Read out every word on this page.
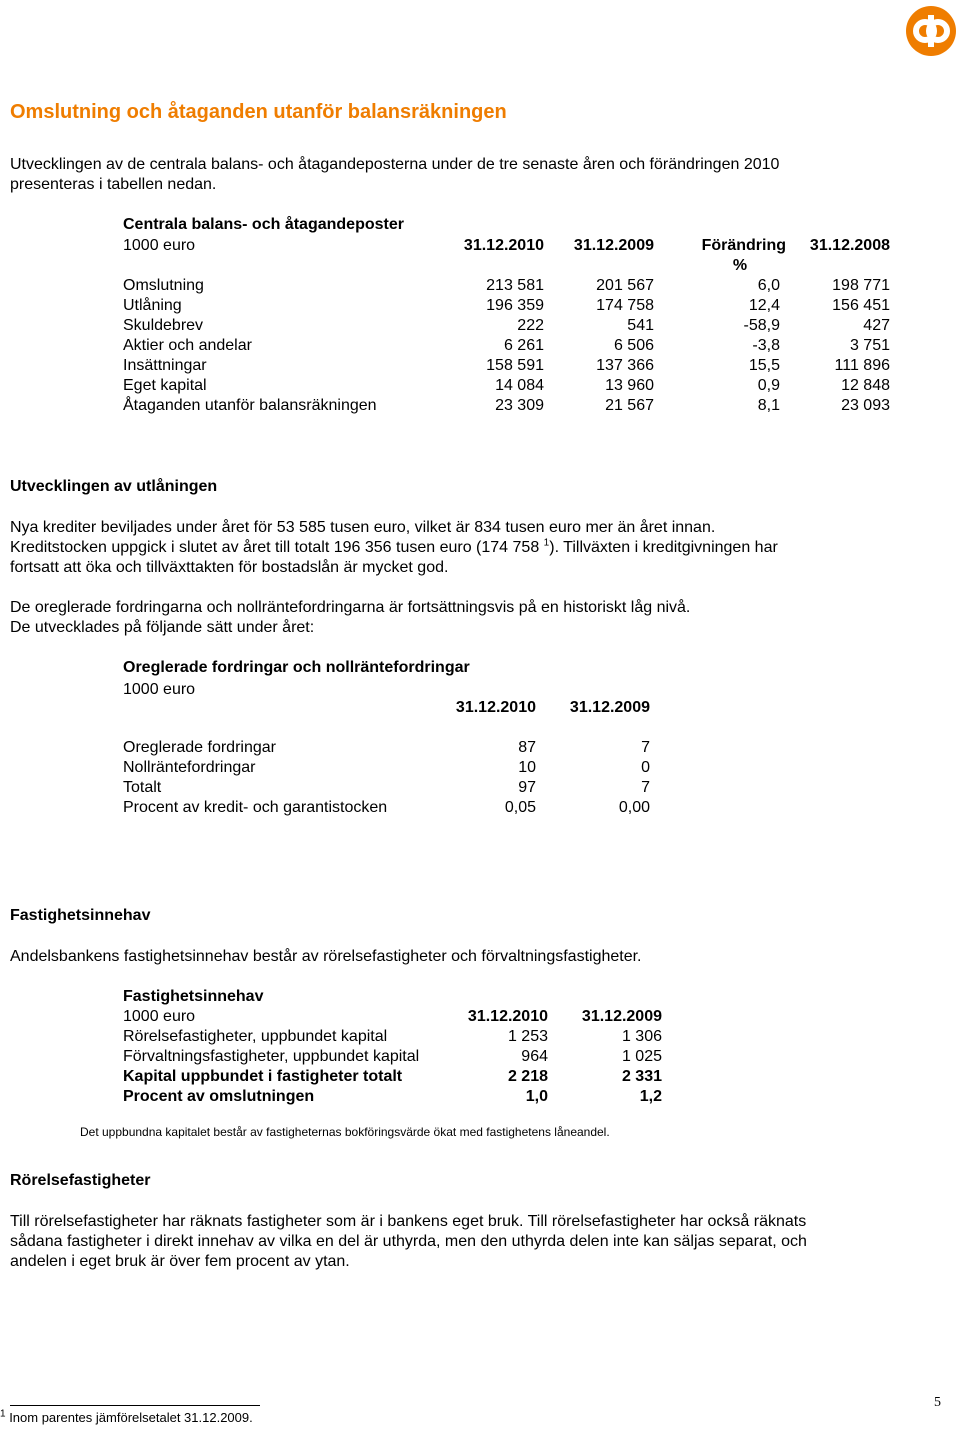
Omslutning och åtaganden utanför balansräkningen
Utvecklingen av de centrala balans- och åtagandeposterna under de tre senaste åren och förändringen 2010
presenteras i tabellen nedan.
Centrala balans- och åtagandeposter
1000 euro	31.12.2010	31.12.2009	Förändring	31.12.2008
%
Omslutning	213 581	201 567	6,0	198 771
Utlåning	196 359	174 758	12,4	156 451
Skuldebrev	222	541	-58,9	427
Aktier och andelar	6 261	6 506	-3,8	3 751
Insättningar	158 591	137 366	15,5	111 896
Eget kapital	14 084	13 960	0,9	12 848
Åtaganden utanför balansräkningen	23 309	21 567	8,1	23 093
Utvecklingen av utlåningen
Nya krediter beviljades under året för 53 585 tusen euro, vilket är 834 tusen euro mer än året innan.
Kreditstocken uppgick i slutet av året till totalt 196 356 tusen euro (174 758 $^1$). Tillväxten i kreditgivningen har
fortsatt att öka och tillväxttakten för bostadslån är mycket god.
De oreglerade fordringarna och nollräntefordringarna är fortsättningsvis på en historiskt låg nivå.
De utvecklades på följande sätt under året:
Oreglerade fordringar och nollräntefordringar
1000 euro
31.12.2010	31.12.2009
Oreglerade fordringar	87	7
Nollräntefordringar	10	0
Totalt	97	7
Procent av kredit- och garantistocken	0,05	0,00
Fastighetsinnehav
Andelsbankens fastighetsinnehav består av rörelsefastigheter och förvaltningsfastigheter.
Fastighetsinnehav
1000 euro	31.12.2010	31.12.2009
Rörelsefastigheter, uppbundet kapital	1 253	1 306
Förvaltningsfastigheter, uppbundet kapital	964	1 025
Kapital uppbundet i fastigheter totalt	2 218	2 331
Procent av omslutningen	1,0	1,2
Det uppbundna kapitalet består av fastigheternas bokföringsvärde ökat med fastighetens låneandel.
Rörelsefastigheter
Till rörelsefastigheter har räknats fastigheter som är i bankens eget bruk. Till rörelsefastigheter har också räknats
sådana fastigheter i direkt innehav av vilka en del är uthyrda, men den uthyrda delen inte kan säljas separat, och
andelen i eget bruk är över fem procent av ytan.
$^1$ Inom parentes jämförelsetalet 31.12.2009.
5
